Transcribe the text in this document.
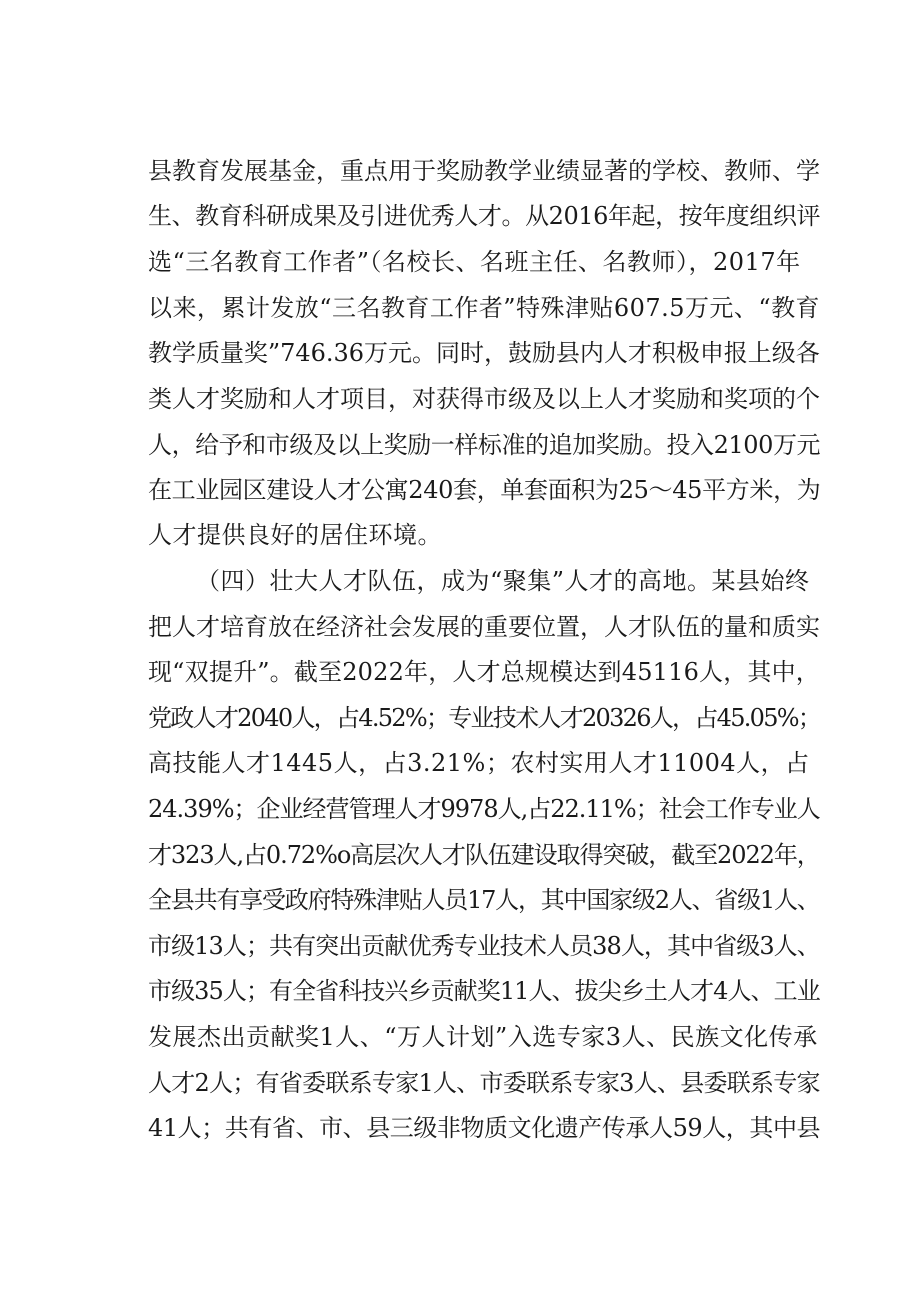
县教育发展基金，重点用于奖励教学业绩显著的学校、教师、学

生、教育科研成果及引进优秀人才。从2016年起，按年度组织评

选“三名教育工作者”（名校长、名班主任、名教师），2017年

以来，累计发放“三名教育工作者”特殊津贴607.5万元、“教育

教学质量奖”746.36万元。同时，鼓励县内人才积极申报上级各

类人才奖励和人才项目，对获得市级及以上人才奖励和奖项的个

人，给予和市级及以上奖励一样标准的追加奖励。投入2100万元

在工业园区建设人才公寓240套，单套面积为25～45平方米，为

人才提供良好的居住环境。

（四）壮大人才队伍，成为“聚集”人才的高地。某县始终

把人才培育放在经济社会发展的重要位置，人才队伍的量和质实

现“双提升”。截至2022年，人才总规模达到45116人，其中，

党政人才2040人，占4.52%；专业技术人才20326人，占45.05%；

高技能人才1445人，占3.21%；农村实用人才11004人，占

24.39%；企业经营管理人才9978人,占22.11%；社会工作专业人

才323人,占0.72%o高层次人才队伍建设取得突破，截至2022年，

全县共有享受政府特殊津贴人员17人，其中国家级2人、省级1人、

市级13人；共有突出贡献优秀专业技术人员38人，其中省级3人、

市级35人；有全省科技兴乡贡献奖11人、拔尖乡土人才4人、工业

发展杰出贡献奖1人、“万人计划”入选专家3人、民族文化传承

人才2人；有省委联系专家1人、市委联系专家3人、县委联系专家

41人；共有省、市、县三级非物质文化遗产传承人59人，其中县
